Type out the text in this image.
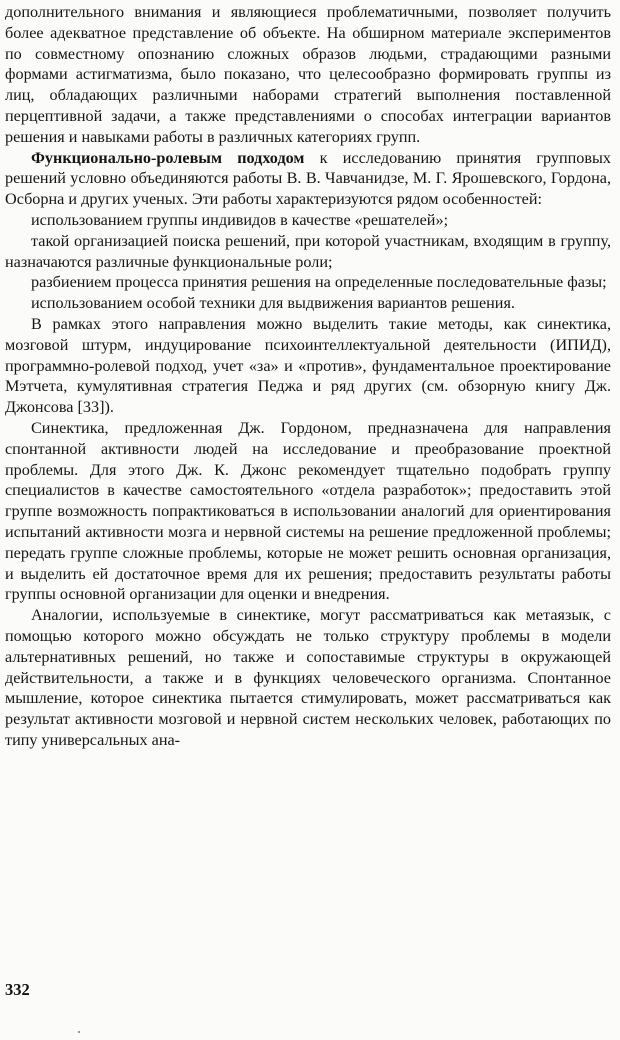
дополнительного внимания и являющиеся проблематичными, позволяет получить более адекватное представление об объекте. На обширном материале экспериментов по совместному опознанию сложных образов людьми, страдающими разными формами астигматизма, было показано, что целесообразно формировать группы из лиц, обладающих различными наборами стратегий выполнения поставленной перцептивной задачи, а также представлениями о способах интеграции вариантов решения и навыками работы в различных категориях групп.

Функционально-ролевым подходом к исследованию принятия групповых решений условно объединяются работы В. В. Чавчанидзе, М. Г. Ярошевского, Гордона, Осборна и других ученых. Эти работы характеризуются рядом особенностей:

использованием группы индивидов в качестве «решателей»;

такой организацией поиска решений, при которой участникам, входящим в группу, назначаются различные функциональные роли;

разбиением процесса принятия решения на определенные последовательные фазы;

использованием особой техники для выдвижения вариантов решения.

В рамках этого направления можно выделить такие методы, как синектика, мозговой штурм, индуцирование психоинтеллектуальной деятельности (ИПИД), программно-ролевой подход, учет «за» и «против», фундаментальное проектирование Мэтчета, кумулятивная стратегия Педжа и ряд других (см. обзорную книгу Дж. Джонсова [33]).

Синектика, предложенная Дж. Гордоном, предназначена для направления спонтанной активности людей на исследование и преобразование проектной проблемы. Для этого Дж. К. Джонс рекомендует тщательно подобрать группу специалистов в качестве самостоятельного «отдела разработок»; предоставить этой группе возможность попрактиковаться в использовании аналогий для ориентирования испытаний активности мозга и нервной системы на решение предложенной проблемы; передать группе сложные проблемы, которые не может решить основная организация, и выделить ей достаточное время для их решения; предоставить результаты работы группы основной организации для оценки и внедрения.

Аналогии, используемые в синектике, могут рассматриваться как метаязык, с помощью которого можно обсуждать не только структуру проблемы в модели альтернативных решений, но также и сопоставимые структуры в окружающей действительности, а также и в функциях человеческого организма. Спонтанное мышление, которое синектика пытается стимулировать, может рассматриваться как результат активности мозговой и нервной систем нескольких человек, работающих по типу универсальных ана-

332
